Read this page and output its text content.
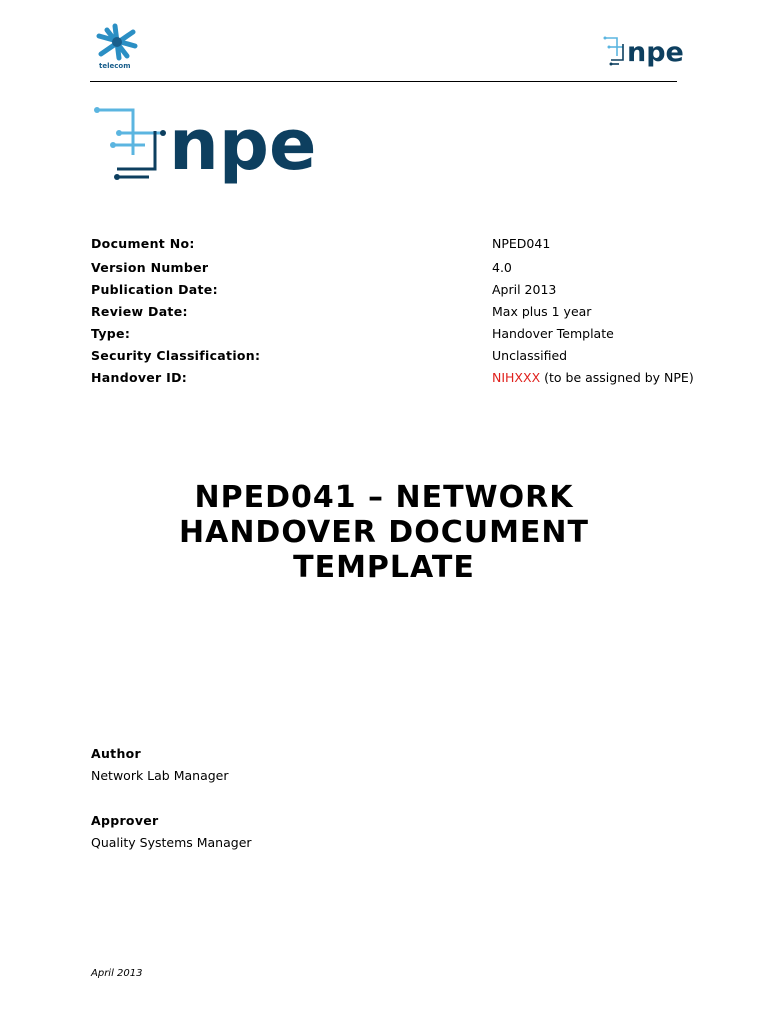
telecom	npe
npe
Document No:	NPED041
Version Number	4.0
Publication Date:	April 2013
Review Date:	Max plus 1 year
Type:	Handover Template
Security Classification:	Unclassified
Handover ID:	NIHXXX (to be assigned by NPE)
NPED041 – NETWORK
HANDOVER DOCUMENT
TEMPLATE
Author
Network Lab Manager
Approver
Quality Systems Manager
April 2013
